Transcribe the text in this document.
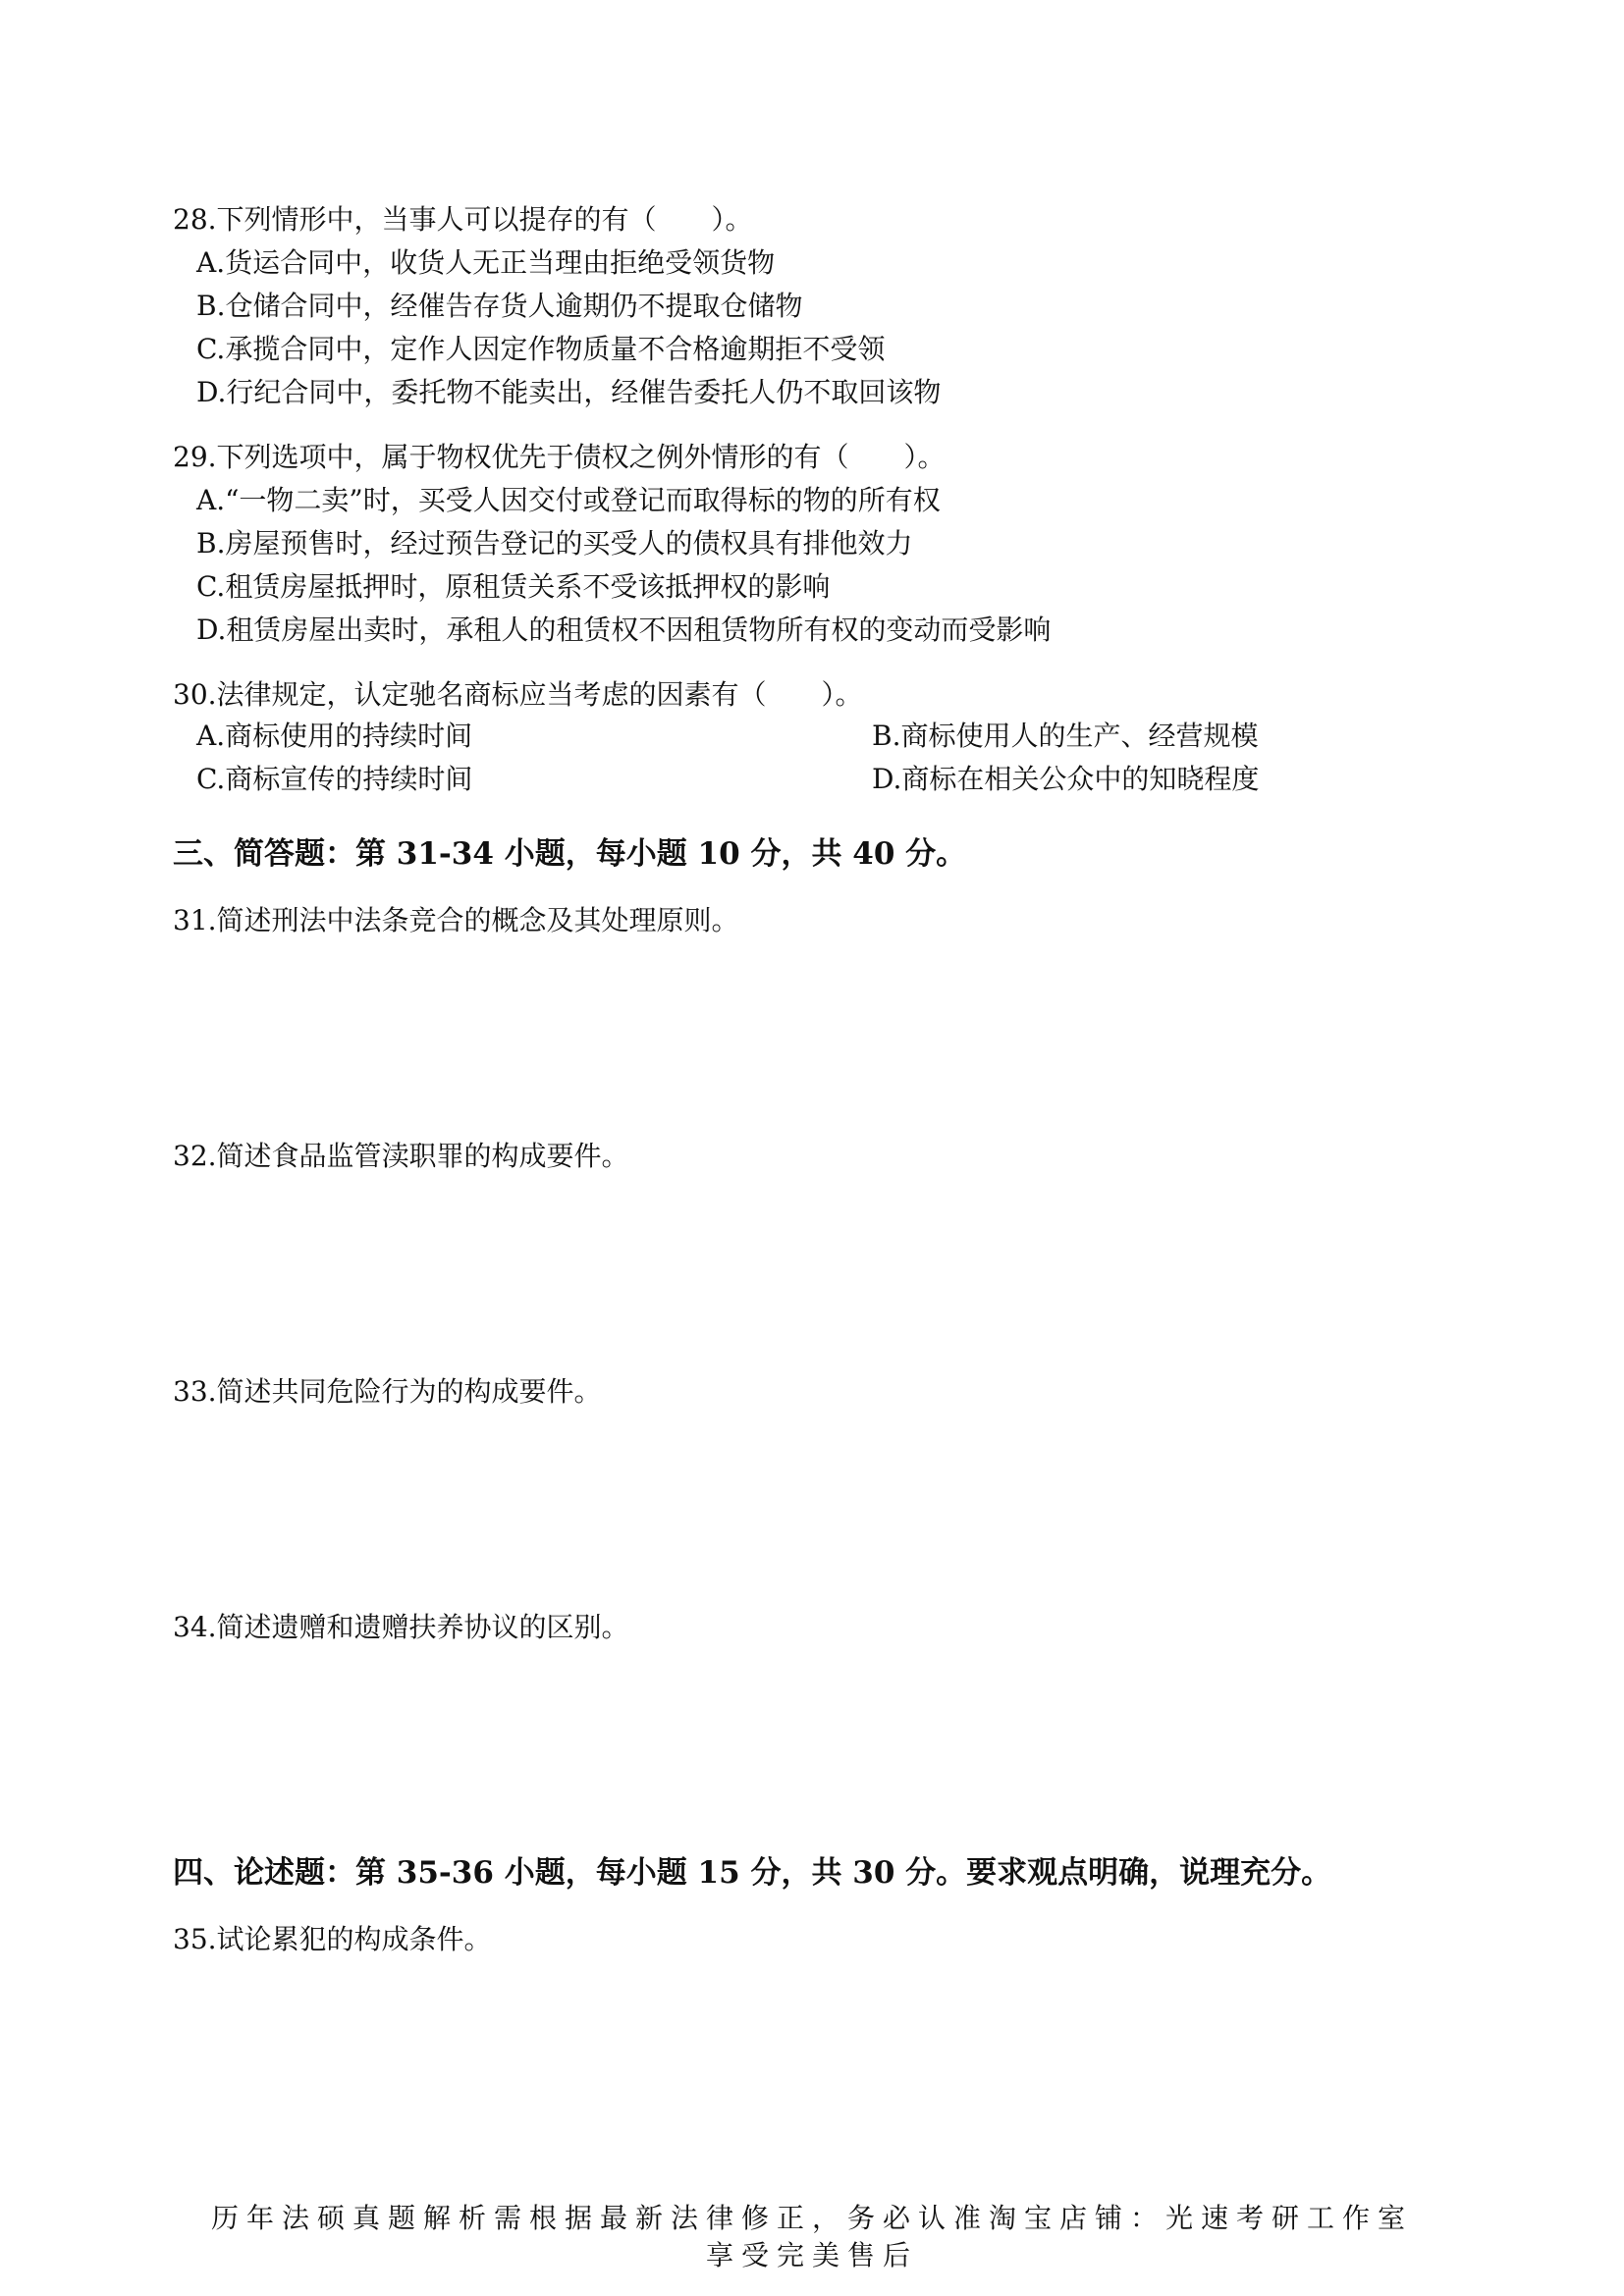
28.下列情形中，当事人可以提存的有（　　）。
A.货运合同中，收货人无正当理由拒绝受领货物
B.仓储合同中，经催告存货人逾期仍不提取仓储物
C.承揽合同中，定作人因定作物质量不合格逾期拒不受领
D.行纪合同中，委托物不能卖出，经催告委托人仍不取回该物
29.下列选项中，属于物权优先于债权之例外情形的有（　　）。
A.“一物二卖”时，买受人因交付或登记而取得标的物的所有权
B.房屋预售时，经过预告登记的买受人的债权具有排他效力
C.租赁房屋抵押时，原租赁关系不受该抵押权的影响
D.租赁房屋出卖时，承租人的租赁权不因租赁物所有权的变动而受影响
30.法律规定，认定驰名商标应当考虑的因素有（　　）。
A.商标使用的持续时间	B.商标使用人的生产、经营规模
C.商标宣传的持续时间	D.商标在相关公众中的知晓程度
三、简答题：第 31-34 小题，每小题 10 分，共 40 分。
31.简述刑法中法条竞合的概念及其处理原则。
32.简述食品监管渎职罪的构成要件。
33.简述共同危险行为的构成要件。
34.简述遗赠和遗赠扶养协议的区别。
四、论述题：第 35-36 小题，每小题 15 分，共 30 分。要求观点明确，说理充分。
35.试论累犯的构成条件。
历年法硕真题解析需根据最新法律修正，务必认准淘宝店铺：光速考研工作室
享受完美售后
